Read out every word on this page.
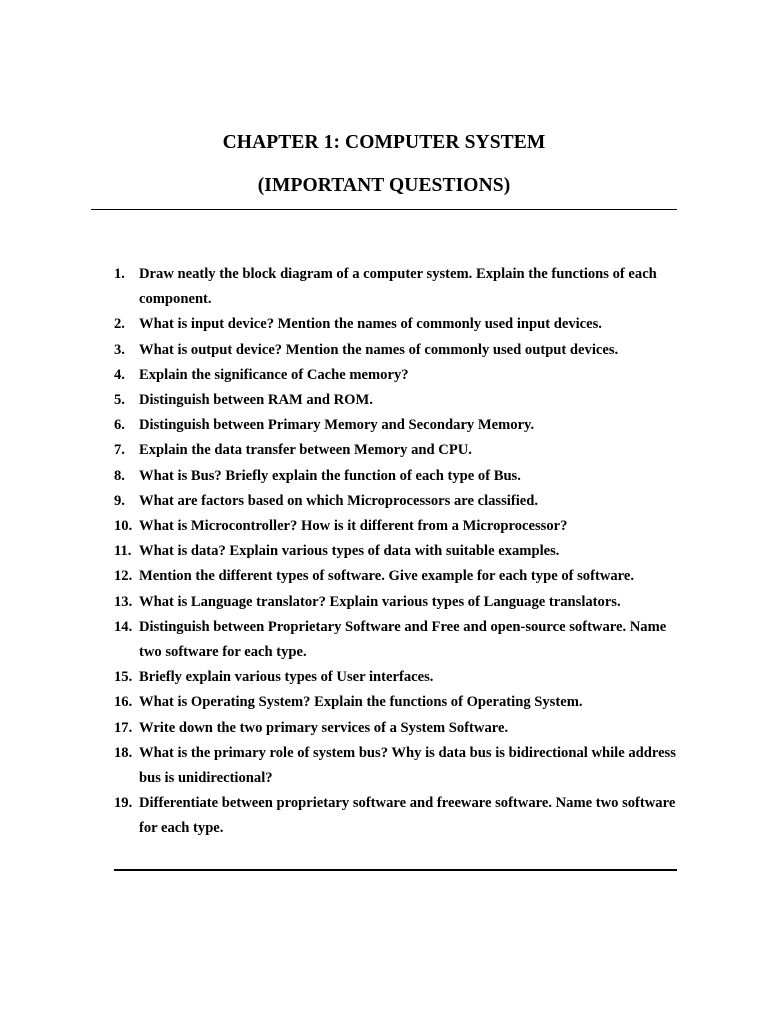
CHAPTER 1: COMPUTER SYSTEM
(IMPORTANT QUESTIONS)
1. Draw neatly the block diagram of a computer system. Explain the functions of each component.
2. What is input device? Mention the names of commonly used input devices.
3. What is output device? Mention the names of commonly used output devices.
4. Explain the significance of Cache memory?
5. Distinguish between RAM and ROM.
6. Distinguish between Primary Memory and Secondary Memory.
7. Explain the data transfer between Memory and CPU.
8. What is Bus? Briefly explain the function of each type of Bus.
9. What are factors based on which Microprocessors are classified.
10. What is Microcontroller? How is it different from a Microprocessor?
11. What is data? Explain various types of data with suitable examples.
12. Mention the different types of software. Give example for each type of software.
13. What is Language translator? Explain various types of Language translators.
14. Distinguish between Proprietary Software and Free and open-source software. Name two software for each type.
15. Briefly explain various types of User interfaces.
16. What is Operating System? Explain the functions of Operating System.
17. Write down the two primary services of a System Software.
18. What is the primary role of system bus? Why is data bus is bidirectional while address bus is unidirectional?
19. Differentiate between proprietary software and freeware software. Name two software for each type.
